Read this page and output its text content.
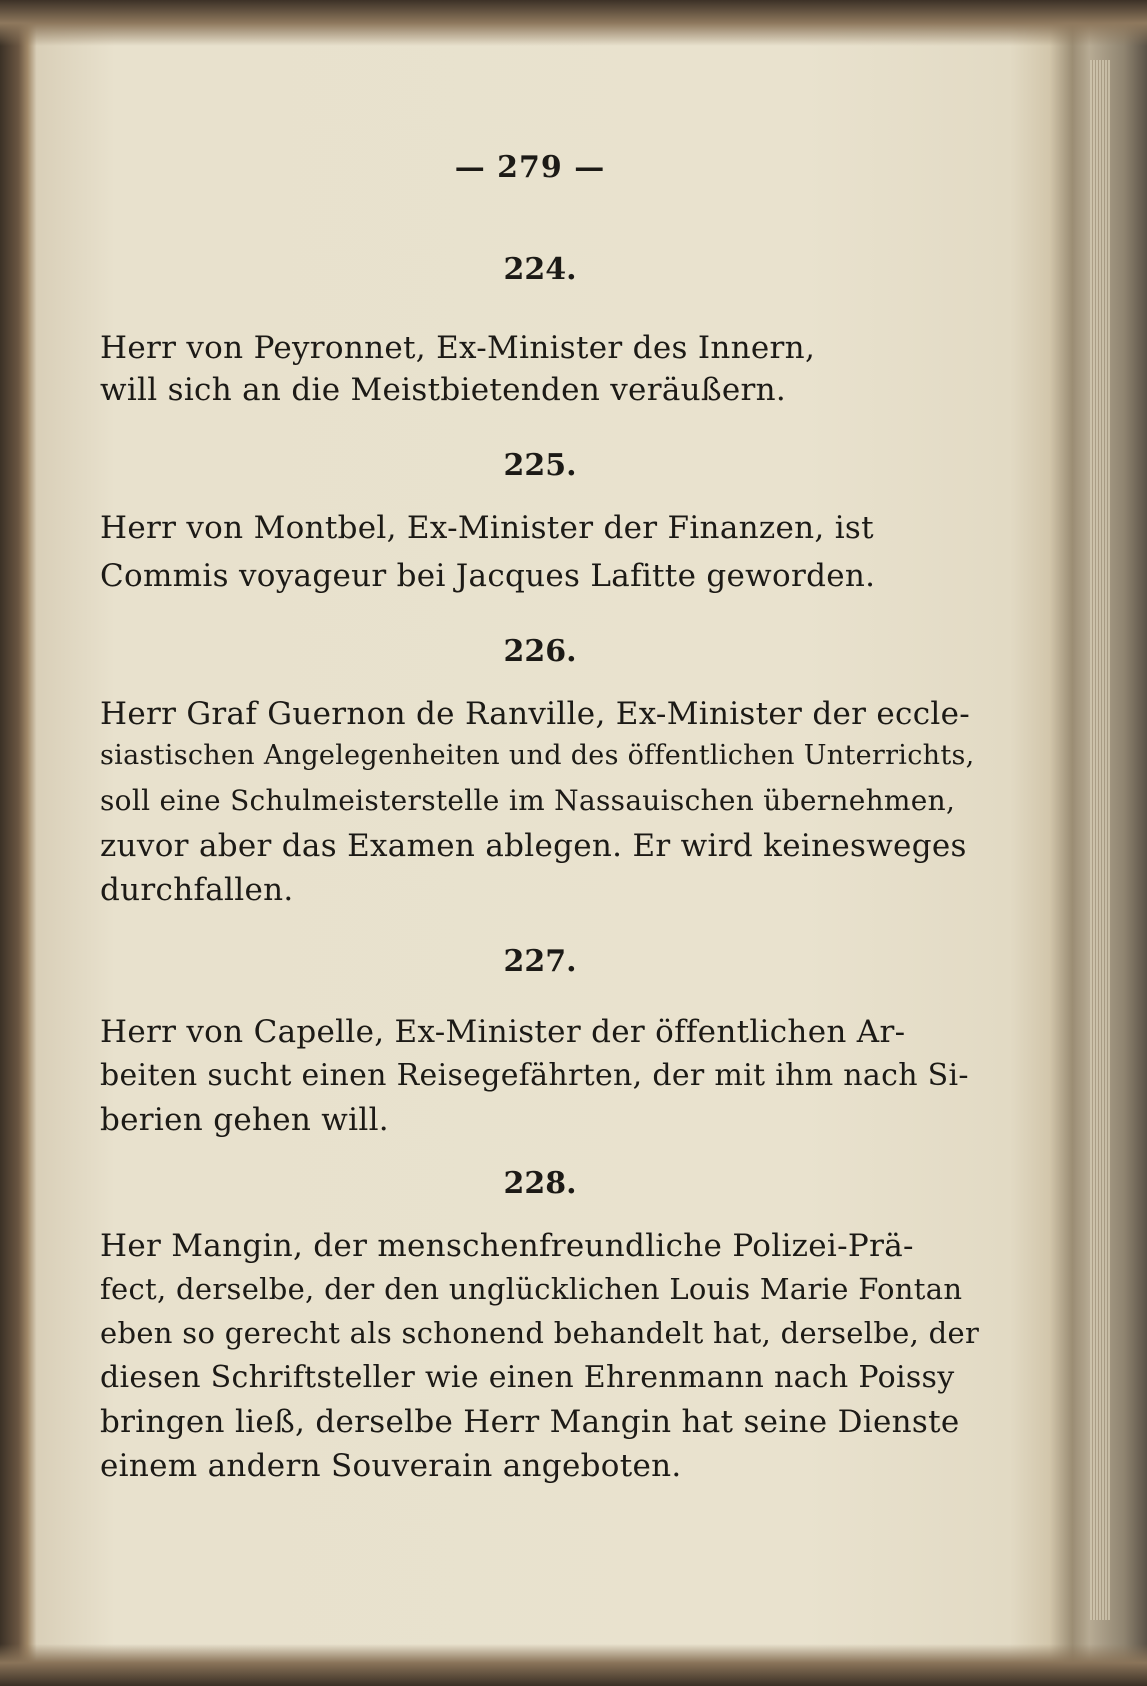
— 279 —
224.
Herr von Peyronnet, Ex-Minister des Innern,
will sich an die Meistbietenden veräußern.
225.
Herr von Montbel, Ex-Minister der Finanzen, ist
Commis voyageur bei Jacques Lafitte geworden.
226.
Herr Graf Guernon de Ranville, Ex-Minister der eccle-
siastischen Angelegenheiten und des öffentlichen Unterrichts,
soll eine Schulmeisterstelle im Nassauischen übernehmen,
zuvor aber das Examen ablegen. Er wird keinesweges
durchfallen.
227.
Herr von Capelle, Ex-Minister der öffentlichen Ar-
beiten sucht einen Reisegefährten, der mit ihm nach Si-
berien gehen will.
228.
Her Mangin, der menschenfreundliche Polizei-Prä-
fect, derselbe, der den unglücklichen Louis Marie Fontan
eben so gerecht als schonend behandelt hat, derselbe, der
diesen Schriftsteller wie einen Ehrenmann nach Poissy
bringen ließ, derselbe Herr Mangin hat seine Dienste
einem andern Souverain angeboten.
